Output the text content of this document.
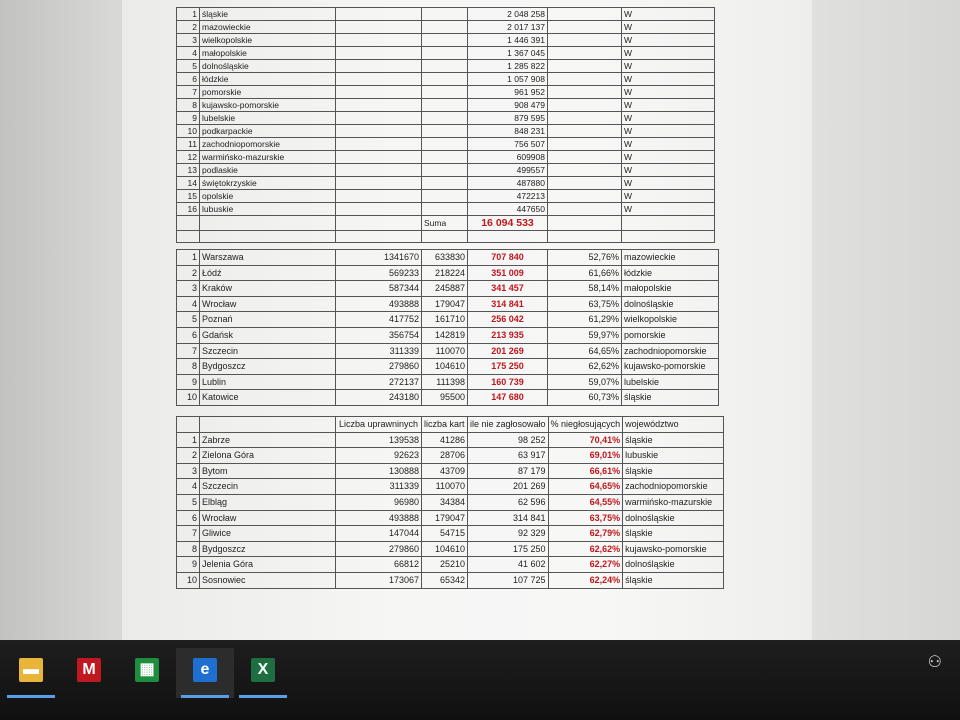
1	śląskie			2 048 258		W
2	mazowieckie			2 017 137		W
3	wielkopolskie			1 446 391		W
4	małopolskie			1 367 045		W
5	dolnośląskie			1 285 822		W
6	łódzkie			1 057 908		W
7	pomorskie			961 952		W
8	kujawsko-pomorskie			908 479		W
9	lubelskie			879 595		W
10	podkarpackie			848 231		W
11	zachodniopomorskie			756 507		W
12	warmińsko-mazurskie			609908		W
13	podlaskie			499557		W
14	świętokrzyskie			487880		W
15	opolskie			472213		W
16	lubuskie			447650		W
			Suma	16 094 533		

1	Warszawa	1341670	633830	707 840	52,76%	mazowieckie
2	Łódź	569233	218224	351 009	61,66%	łódzkie
3	Kraków	587344	245887	341 457	58,14%	małopolskie
4	Wrocław	493888	179047	314 841	63,75%	dolnośląskie
5	Poznań	417752	161710	256 042	61,29%	wielkopolskie
6	Gdańsk	356754	142819	213 935	59,97%	pomorskie
7	Szczecin	311339	110070	201 269	64,65%	zachodniopomorskie
8	Bydgoszcz	279860	104610	175 250	62,62%	kujawsko-pomorskie
9	Lublin	272137	111398	160 739	59,07%	lubelskie
10	Katowice	243180	95500	147 680	60,73%	śląskie
		Liczba uprawninych	liczba kart	ile nie zagłosowało	% niegłosujących	województwo
1	Zabrze	139538	41286	98 252	70,41%	śląskie
2	Zielona Góra	92623	28706	63 917	69,01%	lubuskie
3	Bytom	130888	43709	87 179	66,61%	śląskie
4	Szczecin	311339	110070	201 269	64,65%	zachodniopomorskie
5	Elbląg	96980	34384	62 596	64,55%	warmińsko-mazurskie
6	Wrocław	493888	179047	314 841	63,75%	dolnośląskie
7	Gliwice	147044	54715	92 329	62,79%	śląskie
8	Bydgoszcz	279860	104610	175 250	62,62%	kujawsko-pomorskie
9	Jelenia Góra	66812	25210	41 602	62,27%	dolnośląskie
10	Sosnowiec	173067	65342	107 725	62,24%	śląskie
▬	M	▦	e	X	⚇
